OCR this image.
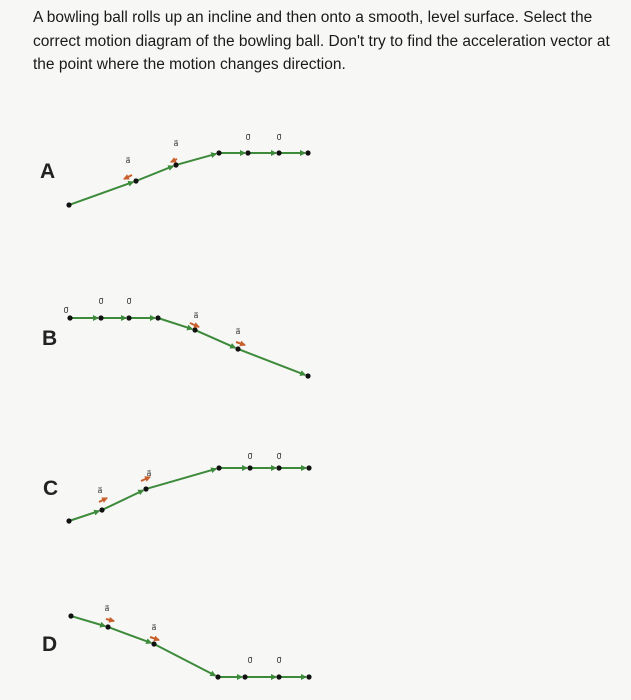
A bowling ball rolls up an incline and then onto a smooth, level surface. Select the correct motion diagram of the bowling ball. Don't try to find the acceleration vector at the point where the motion changes direction.

A
B
C
D
a⃗
a⃗
0⃗	0⃗
0⃗
0⃗	0⃗
a⃗
a⃗
a⃗
a⃗
0⃗	0⃗
a⃗
a⃗
0⃗	0⃗
